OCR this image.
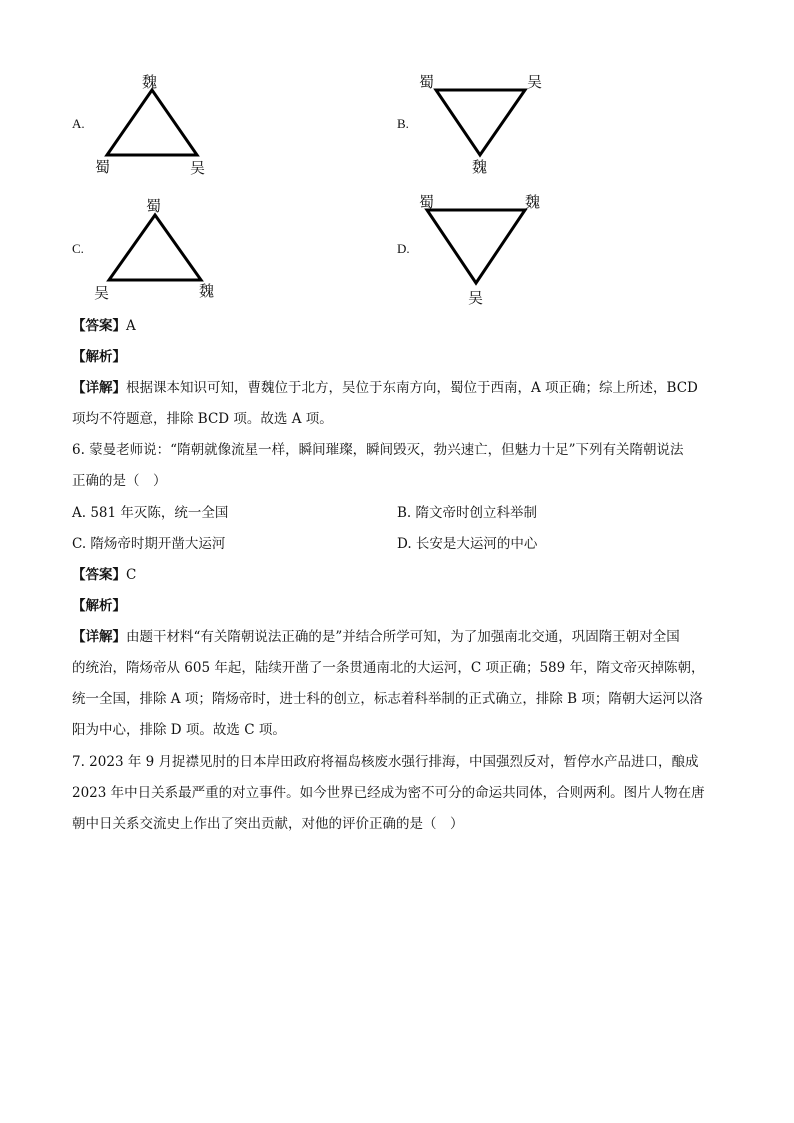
A.
魏
蜀	吴
B.
蜀	吴
魏
C.
蜀
吴	魏
D.
蜀	魏
吴
【答案】A
【解析】
【详解】根据课本知识可知，曹魏位于北方，吴位于东南方向，蜀位于西南，A 项正确；综上所述，BCD
项均不符题意，排除 BCD 项。故选 A 项。
6. 蒙曼老师说：“隋朝就像流星一样，瞬间璀璨，瞬间毁灭，勃兴速亡，但魅力十足”下列有关隋朝说法
正确的是（　）
A. 581 年灭陈，统一全国	B. 隋文帝时创立科举制
C. 隋炀帝时期开凿大运河	D. 长安是大运河的中心
【答案】C
【解析】
【详解】由题干材料“有关隋朝说法正确的是”并结合所学可知，为了加强南北交通，巩固隋王朝对全国
的统治，隋炀帝从 605 年起，陆续开凿了一条贯通南北的大运河，C 项正确；589 年，隋文帝灭掉陈朝，
统一全国，排除 A 项；隋炀帝时，进士科的创立，标志着科举制的正式确立，排除 B 项；隋朝大运河以洛
阳为中心，排除 D 项。故选 C 项。
7. 2023 年 9 月捉襟见肘的日本岸田政府将福岛核废水强行排海，中国强烈反对，暂停水产品进口，酿成
2023 年中日关系最严重的对立事件。如今世界已经成为密不可分的命运共同体，合则两利。图片人物在唐
朝中日关系交流史上作出了突出贡献，对他的评价正确的是（　）
